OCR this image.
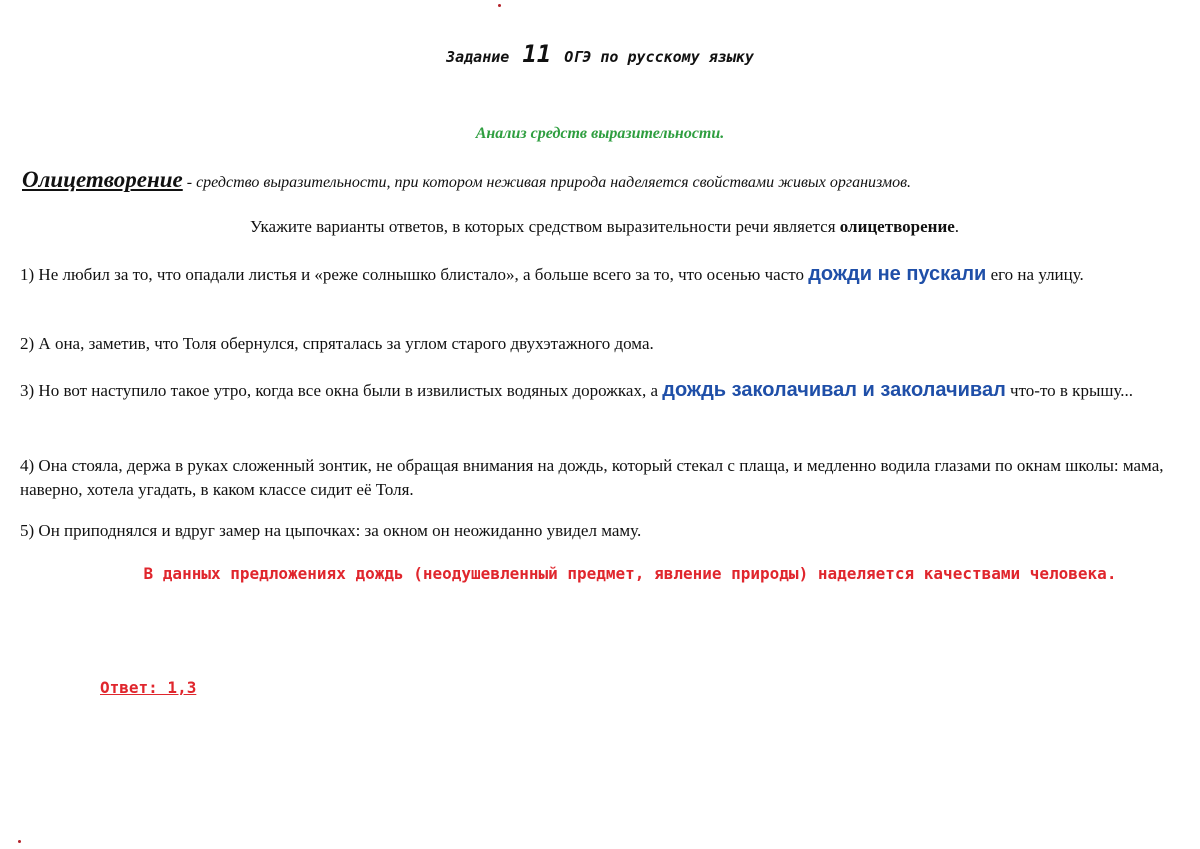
Задание 11 ОГЭ по русскому языку
Анализ средств выразительности.
Олицетворение - средство выразительности, при котором неживая природа наделяется свойствами живых организмов.
Укажите варианты ответов, в которых средством выразительности речи является олицетворение.
1) Не любил за то, что опадали листья и «реже солнышко блистало», а больше всего за то, что осенью часто дожди не пускали его на улицу.
2) А она, заметив, что Толя обернулся, спряталась за углом старого двухэтажного дома.
3) Но вот наступило такое утро, когда все окна были в извилистых водяных дорожках, а дождь заколачивал и заколачивал что-то в крышу...
4) Она стояла, держа в руках сложенный зонтик, не обращая внимания на дождь, который стекал с плаща, и медленно водила глазами по окнам школы: мама, наверно, хотела угадать, в каком классе сидит её Толя.
5) Он приподнялся и вдруг замер на цыпочках: за окном он неожиданно увидел маму.
В данных предложениях дождь (неодушевленный предмет, явление природы) наделяется качествами человека.
Ответ: 1,3
